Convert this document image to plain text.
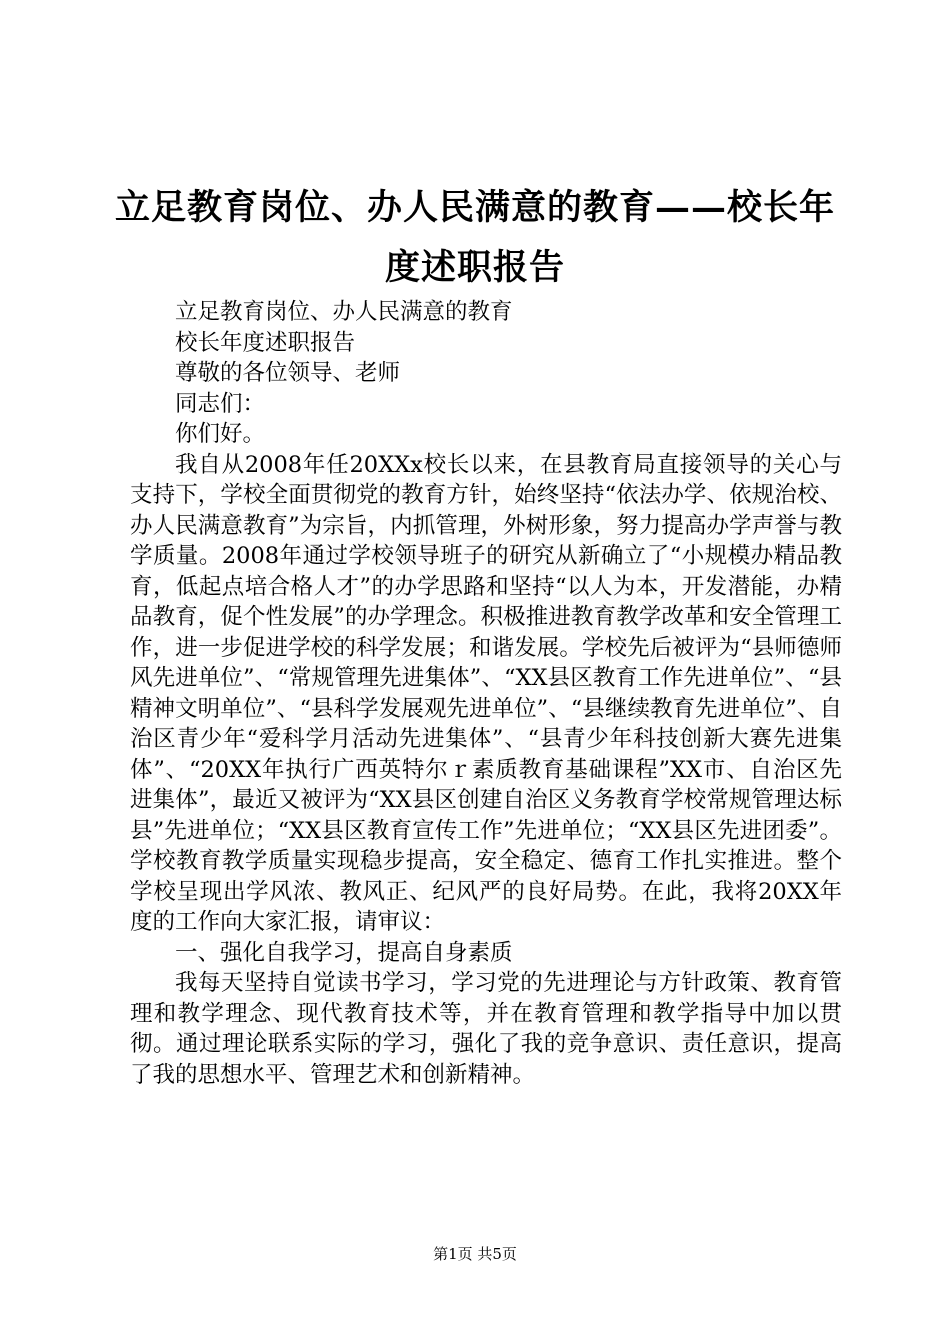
立足教育岗位、办人民满意的教育——校长年度述职报告

立足教育岗位、办人民满意的教育

校长年度述职报告

尊敬的各位领导、老师

同志们：

你们好。

我自从2008年任20XXx校长以来，在县教育局直接领导的关心与支持下，学校全面贯彻党的教育方针，始终坚持“依法办学、依规治校、办人民满意教育”为宗旨，内抓管理，外树形象，努力提高办学声誉与教学质量。2008年通过学校领导班子的研究从新确立了“小规模办精品教育，低起点培合格人才”的办学思路和坚持“以人为本，开发潜能，办精品教育，促个性发展”的办学理念。积极推进教育教学改革和安全管理工作，进一步促进学校的科学发展；和谐发展。学校先后被评为“县师德师风先进单位”、“常规管理先进集体”、“XX县区教育工作先进单位”、“县精神文明单位”、“县科学发展观先进单位”、“县继续教育先进单位”、自治区青少年“爱科学月活动先进集体”、“县青少年科技创新大赛先进集体”、“20XX年执行广西英特尔ｒ素质教育基础课程”XX市、自治区先进集体”，最近又被评为“XX县区创建自治区义务教育学校常规管理达标县”先进单位；“XX县区教育宣传工作”先进单位；“XX县区先进团委”。学校教育教学质量实现稳步提高，安全稳定、德育工作扎实推进。整个学校呈现出学风浓、教风正、纪风严的良好局势。在此，我将20XX年度的工作向大家汇报，请审议：

一、强化自我学习，提高自身素质

我每天坚持自觉读书学习，学习党的先进理论与方针政策、教育管理和教学理念、现代教育技术等，并在教育管理和教学指导中加以贯彻。通过理论联系实际的学习，强化了我的竞争意识、责任意识，提高了我的思想水平、管理艺术和创新精神。

第1页 共5页
